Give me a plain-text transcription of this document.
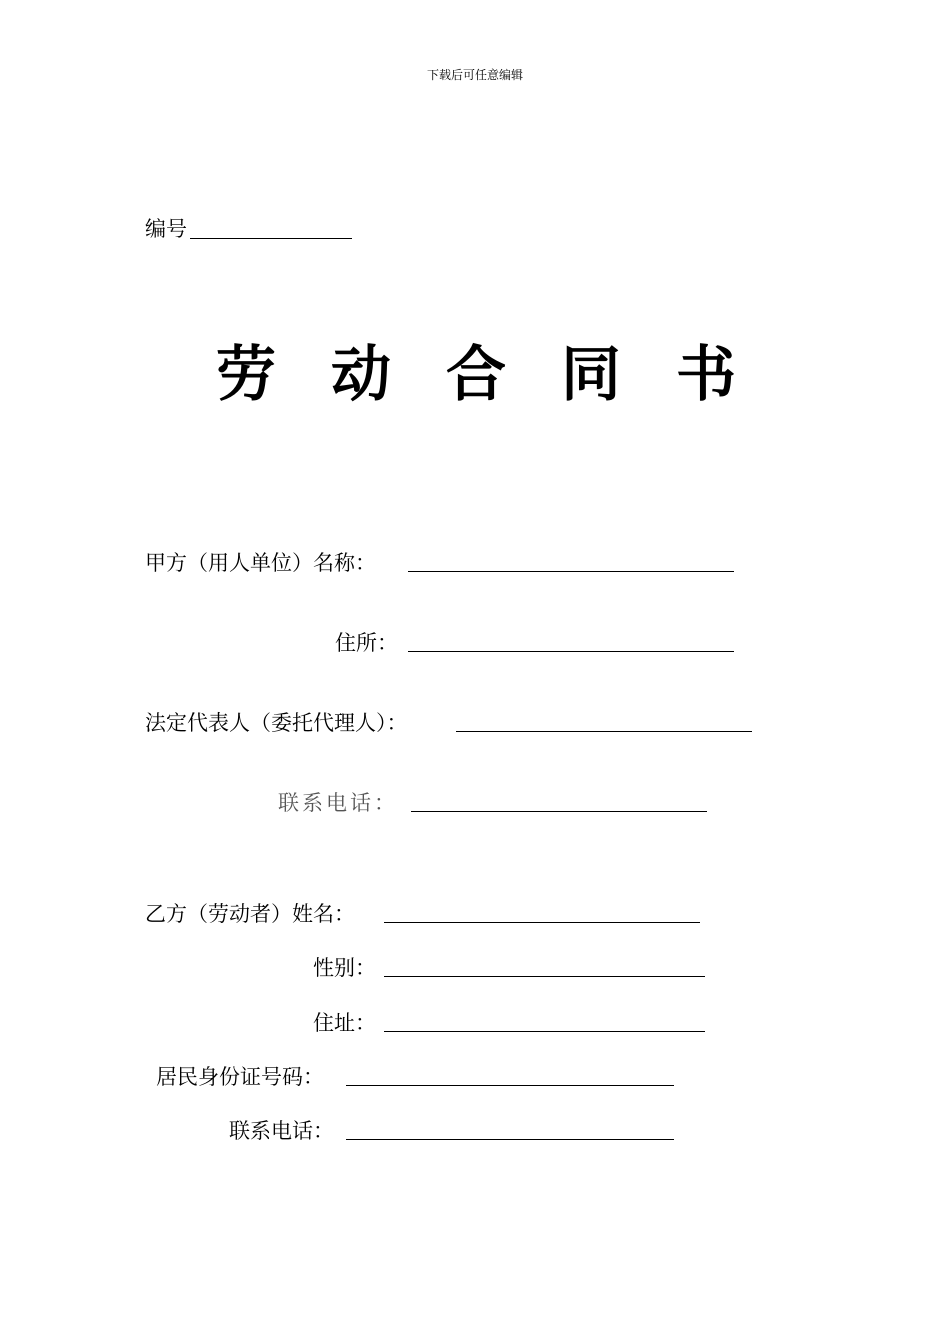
下载后可任意编辑
编号
劳 动 合 同 书
甲方（用人单位）名称：
住所：
法定代表人（委托代理人）：
联系电话：
乙方（劳动者）姓名：
性别：
住址：
居民身份证号码：
联系电话：
